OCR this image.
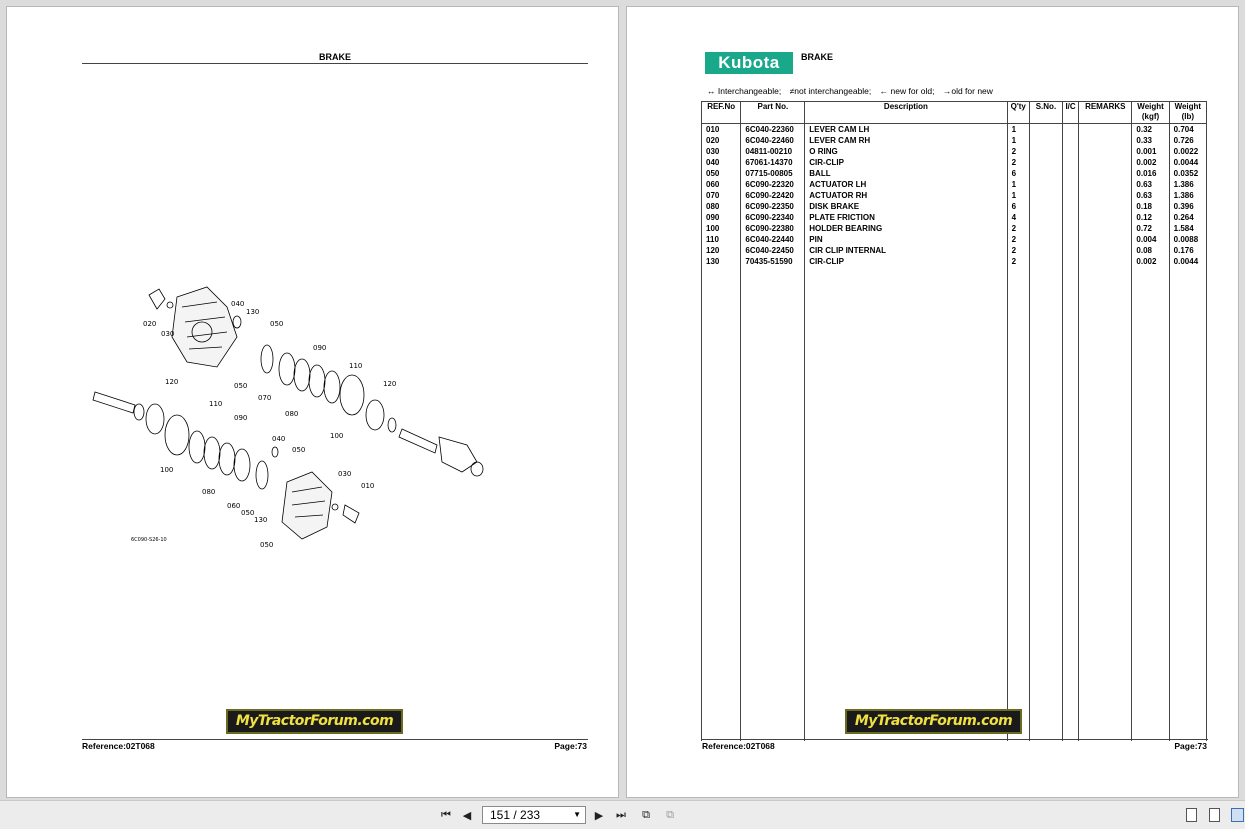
BRAKE
020
030
040
130
050
050
070
090
110
080
120	120
110
090
100
100
040
050
030
010
080
060
050
130
050
6C090-S26-10
MyTractorForum.com
Reference:02T068	Page:73
Kubota	BRAKE
↔ Interchangeable; ≠not interchangeable; ← new for old; →old for new
REF.No	Part No.	Description	Q'ty	S.No.	I/C	REMARKS	Weight (kgf)	Weight (lb)
010	6C040-22360	LEVER CAM LH	1				0.32	0.704
020	6C040-22460	LEVER CAM RH	1				0.33	0.726
030	04811-00210	O RING	2				0.001	0.0022
040	67061-14370	CIR-CLIP	2				0.002	0.0044
050	07715-00805	BALL	6				0.016	0.0352
060	6C090-22320	ACTUATOR LH	1				0.63	1.386
070	6C090-22420	ACTUATOR RH	1				0.63	1.386
080	6C090-22350	DISK BRAKE	6				0.18	0.396
090	6C090-22340	PLATE FRICTION	4				0.12	0.264
100	6C090-22380	HOLDER BEARING	2				0.72	1.584
110	6C040-22440	PIN	2				0.004	0.0088
120	6C040-22450	CIR CLIP INTERNAL	2				0.08	0.176
130	70435-51590	CIR-CLIP	2				0.002	0.0044

MyTractorForum.com
Reference:02T068	Page:73
⏮	◀	151 / 233	▼	▶	⏭	⧉	⧉
